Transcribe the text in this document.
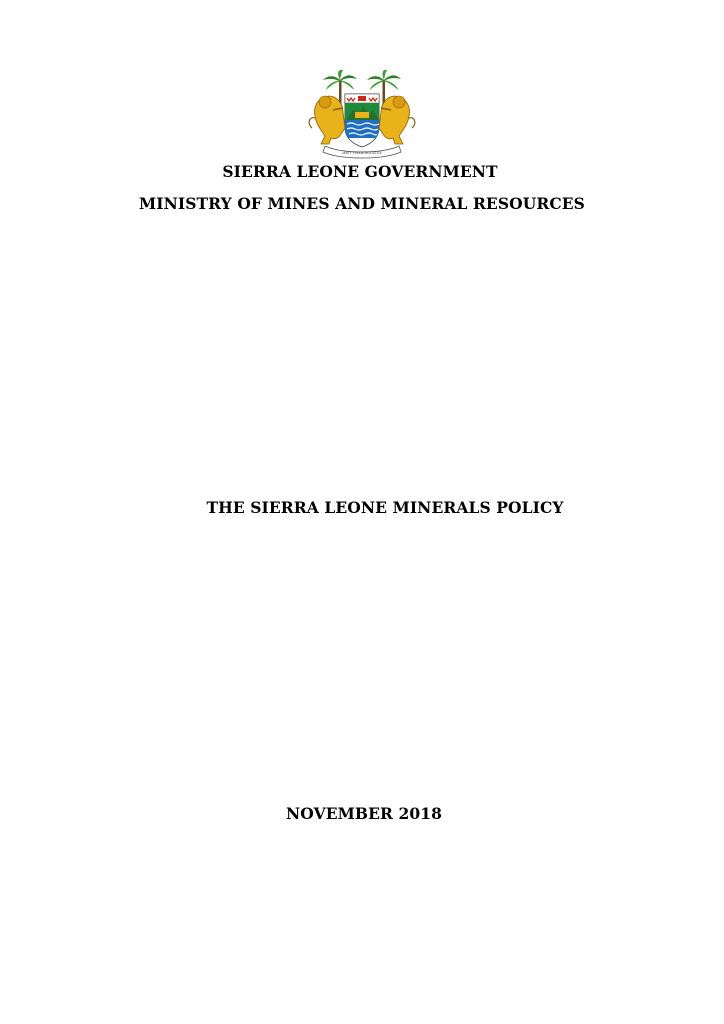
UNITY FREEDOM JUSTICE
SIERRA LEONE GOVERNMENT
MINISTRY OF MINES AND MINERAL RESOURCES
THE SIERRA LEONE MINERALS POLICY
NOVEMBER 2018
